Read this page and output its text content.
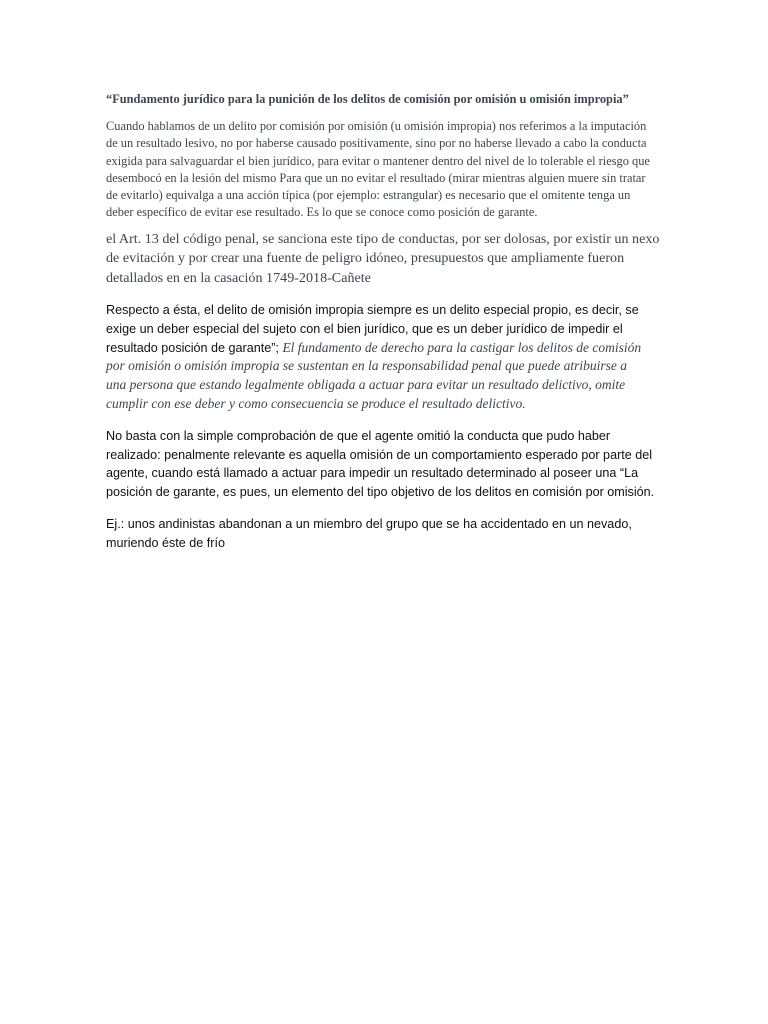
“Fundamento jurídico para la punición de los delitos de comisión por omisión u omisión impropia”

Cuando hablamos de un delito por comisión por omisión (u omisión impropia) nos referimos a la imputación
de un resultado lesivo, no por haberse causado positivamente, sino por no haberse llevado a cabo la conducta
exigida para salvaguardar el bien jurídico, para evitar o mantener dentro del nivel de lo tolerable el riesgo que
desembocó en la lesión del mismo Para que un no evitar el resultado (mirar mientras alguien muere sin tratar
de evitarlo) equivalga a una acción típica (por ejemplo: estrangular) es necesario que el omitente tenga un
deber específico de evitar ese resultado. Es lo que se conoce como posición de garante.

el Art. 13 del código penal, se sanciona este tipo de conductas, por ser dolosas, por existir un nexo
de evitación y por crear una fuente de peligro idóneo, presupuestos que ampliamente fueron
detallados en en la casación 1749-2018-Cañete

Respecto a ésta, el delito de omisión impropia siempre es un delito especial propio, es decir, se
exige un deber especial del sujeto con el bien jurídico, que es un deber jurídico de impedir el
resultado posición de garante”; El fundamento de derecho para la castigar los delitos de comisión
por omisión o omisión impropia se sustentan en la responsabilidad penal que puede atribuirse a
una persona que estando legalmente obligada a actuar para evitar un resultado delictivo, omite
cumplir con ese deber y como consecuencia se produce el resultado delictivo.

No basta con la simple comprobación de que el agente omitió la conducta que pudo haber
realizado: penalmente relevante es aquella omisión de un comportamiento esperado por parte del
agente, cuando está llamado a actuar para impedir un resultado determinado al poseer una “La
posición de garante, es pues, un elemento del tipo objetivo de los delitos en comisión por omisión.

Ej.: unos andinistas abandonan a un miembro del grupo que se ha accidentado en un nevado,
muriendo éste de frío
